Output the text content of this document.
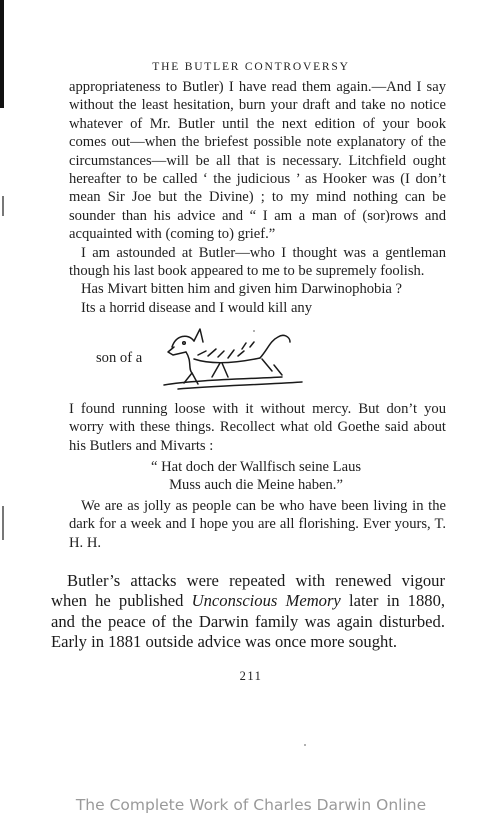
THE BUTLER CONTROVERSY

appropriateness to Butler) I have read them again.—And I say without the least hesitation, burn your draft and take no notice whatever of Mr. Butler until the next edition of your book comes out—when the briefest possible note explanatory of the circumstances—will be all that is necessary. Litchfield ought hereafter to be called ‘ the judicious ’ as Hooker was (I don’t mean Sir Joe but the Divine) ; to my mind nothing can be sounder than his advice and “ I am a man of (sor)rows and acquainted with (coming to) grief.”

I am astounded at Butler—who I thought was a gentleman though his last book appeared to me to be supremely foolish.

Has Mivart bitten him and given him Darwinophobia ?

Its a horrid disease and I would kill any

son of a

I found running loose with it without mercy. But don’t you worry with these things. Recollect what old Goethe said about his Butlers and Mivarts :

“ Hat doch der Wallfisch seine Laus
Muss auch die Meine haben.”

We are as jolly as people can be who have been living in the dark for a week and I hope you are all florishing. Ever yours, T. H. H.

Butler’s attacks were repeated with renewed vigour when he published Unconscious Memory later in 1880, and the peace of the Darwin family was again disturbed. Early in 1881 outside advice was once more sought.

211
The Complete Work of Charles Darwin Online
